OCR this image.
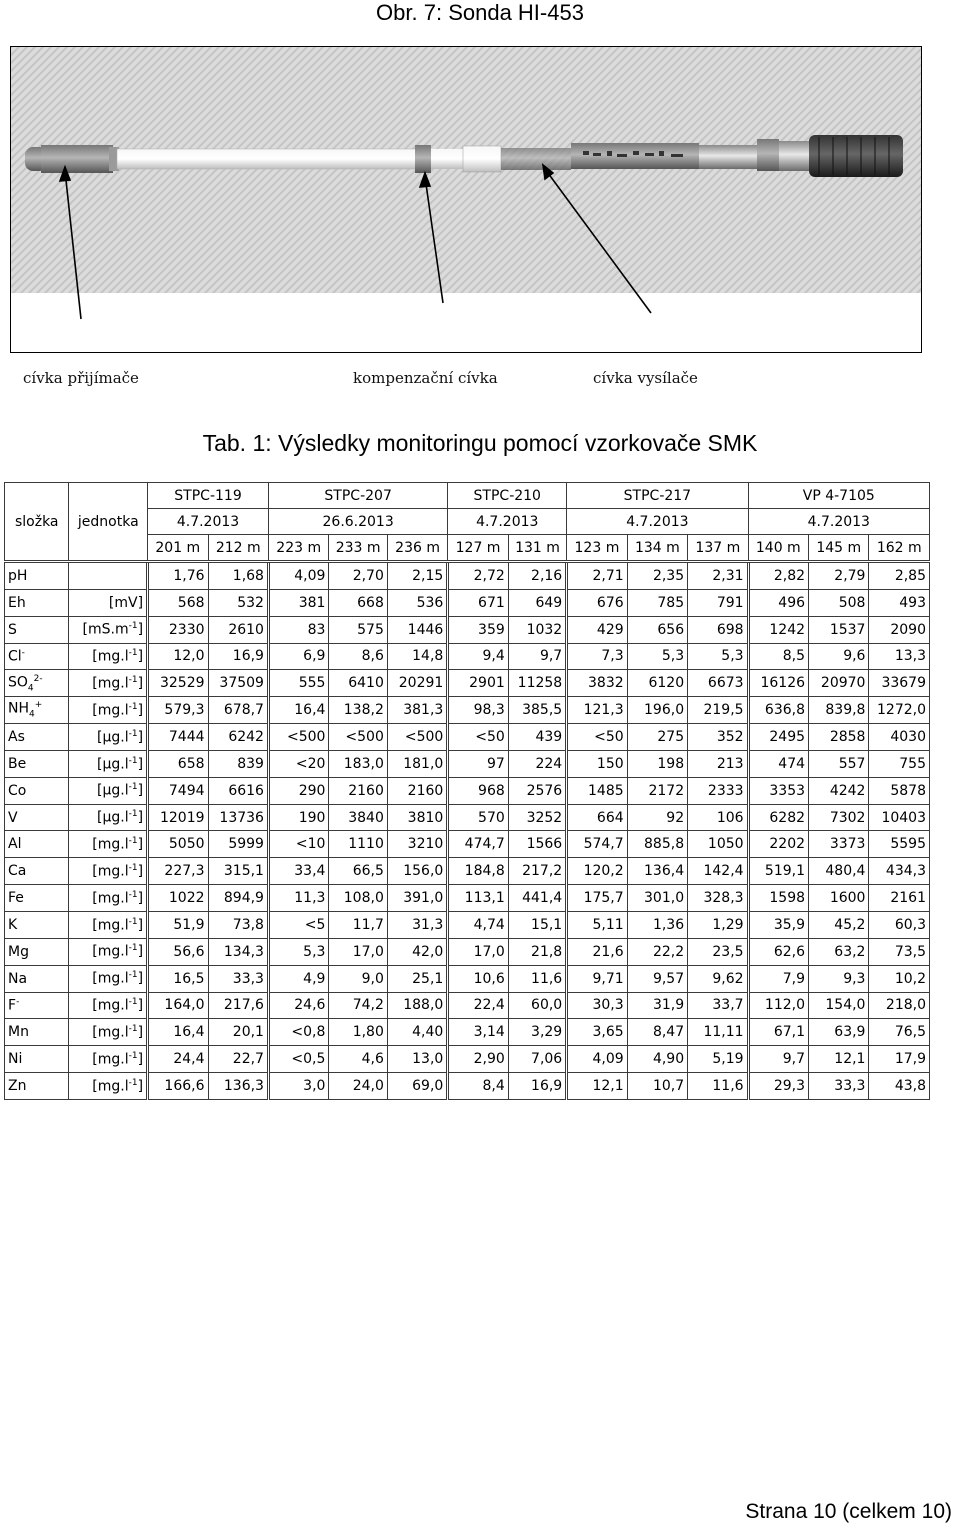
Obr. 7: Sonda HI-453
cívka přijímače	kompenzační cívka	cívka vysílače
Tab. 1: Výsledky monitoringu pomocí vzorkovače SMK
složka	jednotka	STPC-119		STPC-207			STPC-210		STPC-217			VP 4-7105		
		4.7.2013		26.6.2013			4.7.2013		4.7.2013			4.7.2013		
		201 m	212 m	223 m	233 m	236 m	127 m	131 m	123 m	134 m	137 m	140 m	145 m	162 m
pH		1,76	1,68	4,09	2,70	2,15	2,72	2,16	2,71	2,35	2,31	2,82	2,79	2,85
Eh	[mV]	568	532	381	668	536	671	649	676	785	791	496	508	493
S	$[mS.m^{-1}]$	2330	2610	83	575	1446	359	1032	429	656	698	1242	1537	2090
Cl-	$[mg.l^{-1}]$	12,0	16,9	6,9	8,6	14,8	9,4	9,7	7,3	5,3	5,3	8,5	9,6	13,3
$SO_4^{2-}$	$[mg.l^{-1}]$	32529	37509	555	6410	20291	2901	11258	3832	6120	6673	16126	20970	33679
$NH_4^+$	$[mg.l^{-1}]$	579,3	678,7	16,4	138,2	381,3	98,3	385,5	121,3	196,0	219,5	636,8	839,8	1272,0
As	$[\mu g.l^{-1}]$	7444	6242	<500	<500	<500	<50	439	<50	275	352	2495	2858	4030
Be	$[\mu g.l^{-1}]$	658	839	<20	183,0	181,0	97	224	150	198	213	474	557	755
Co	$[\mu g.l^{-1}]$	7494	6616	290	2160	2160	968	2576	1485	2172	2333	3353	4242	5878
V	$[\mu g.l^{-1}]$	12019	13736	190	3840	3810	570	3252	664	92	106	6282	7302	10403
Al	$[mg.l^{-1}]$	5050	5999	<10	1110	3210	474,7	1566	574,7	885,8	1050	2202	3373	5595
Ca	$[mg.l^{-1}]$	227,3	315,1	33,4	66,5	156,0	184,8	217,2	120,2	136,4	142,4	519,1	480,4	434,3
Fe	$[mg.l^{-1}]$	1022	894,9	11,3	108,0	391,0	113,1	441,4	175,7	301,0	328,3	1598	1600	2161
K	$[mg.l^{-1}]$	51,9	73,8	<5	11,7	31,3	4,74	15,1	5,11	1,36	1,29	35,9	45,2	60,3
Mg	$[mg.l^{-1}]$	56,6	134,3	5,3	17,0	42,0	17,0	21,8	21,6	22,2	23,5	62,6	63,2	73,5
Na	$[mg.l^{-1}]$	16,5	33,3	4,9	9,0	25,1	10,6	11,6	9,71	9,57	9,62	7,9	9,3	10,2
F-	$[mg.l^{-1}]$	164,0	217,6	24,6	74,2	188,0	22,4	60,0	30,3	31,9	33,7	112,0	154,0	218,0
Mn	$[mg.l^{-1}]$	16,4	20,1	<0,8	1,80	4,40	3,14	3,29	3,65	8,47	11,11	67,1	63,9	76,5
Ni	$[mg.l^{-1}]$	24,4	22,7	<0,5	4,6	13,0	2,90	7,06	4,09	4,90	5,19	9,7	12,1	17,9
Zn	$[mg.l^{-1}]$	166,6	136,3	3,0	24,0	69,0	8,4	16,9	12,1	10,7	11,6	29,3	33,3	43,8
Strana 10 (celkem 10)
